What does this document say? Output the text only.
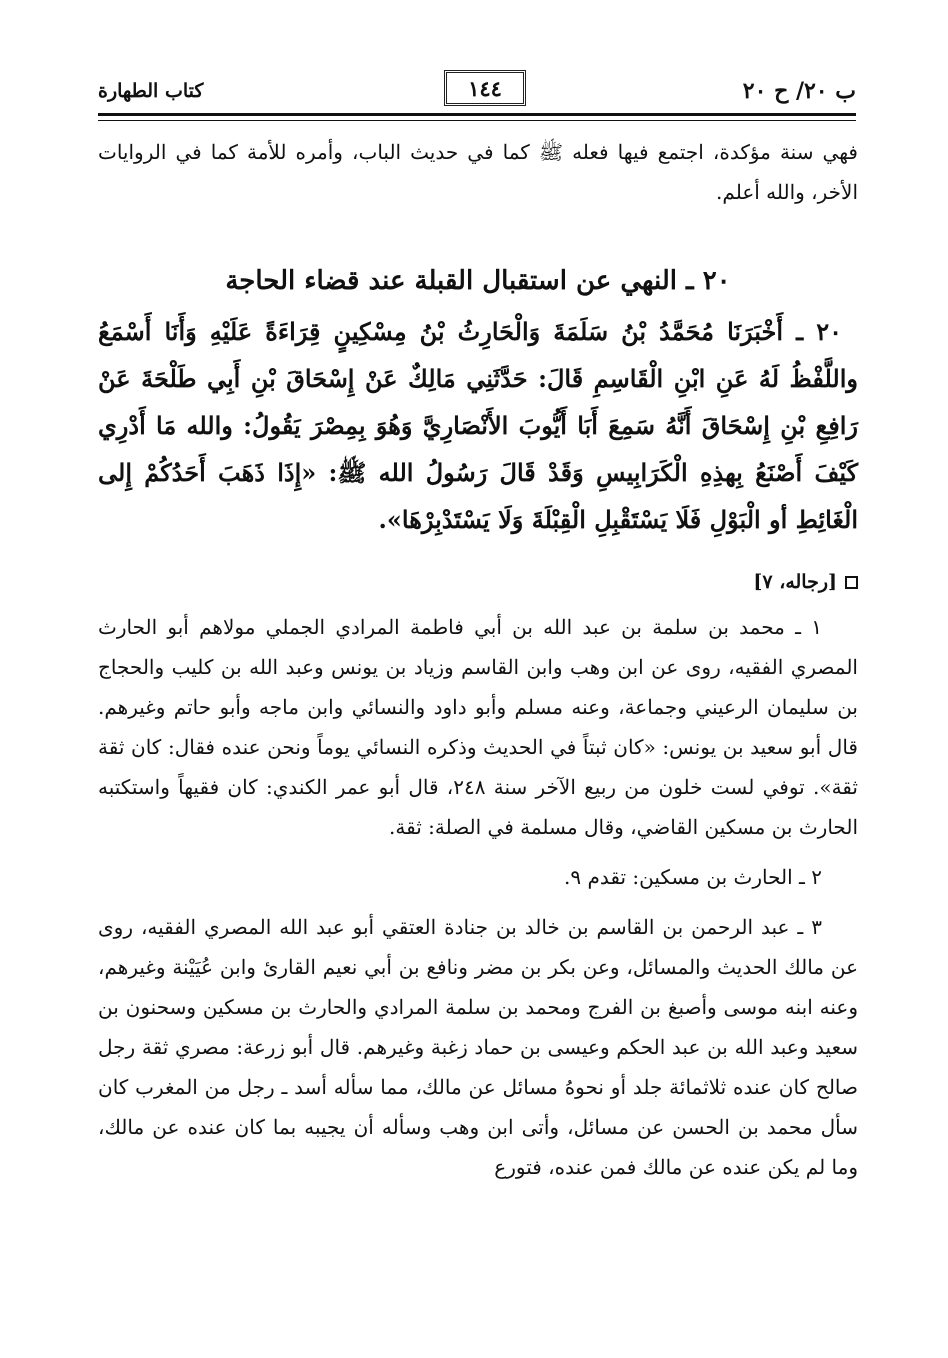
ب ٢٠/ ح ٢٠
١٤٤
كتاب الطهارة

فهي سنة مؤكدة، اجتمع فيها فعله ﷺ كما في حديث الباب، وأمره للأمة كما في الروايات الأخر، والله أعلم.

٢٠ ـ النهي عن استقبال القبلة عند قضاء الحاجة

٢٠ ـ أَخْبَرَنَا مُحَمَّدُ بْنُ سَلَمَةَ وَالْحَارِثُ بْنُ مِسْكِينٍ قِرَاءَةً عَلَيْهِ وَأَنَا أَسْمَعُ واللَّفْظُ لَهُ عَنِ ابْنِ الْقَاسِمِ قَالَ: حَدَّثَنِي مَالِكٌ عَنْ إِسْحَاقَ بْنِ أَبِي طَلْحَةَ عَنْ رَافِعِ بْنِ إِسْحَاقَ أَنَّهُ سَمِعَ أَبَا أَيُّوبَ الأَنْصَارِيَّ وَهُوَ بِمِصْرَ يَقُولُ: والله مَا أَدْرِي كَيْفَ أَصْنَعُ بِهذِهِ الْكَرَابِيسِ وَقَدْ قَالَ رَسُولُ الله ﷺ: «إِذَا ذَهَبَ أَحَدُكُمْ إِلى الْغَائِطِ أو الْبَوْلِ فَلَا يَسْتَقْبِلِ الْقِبْلَةَ وَلَا يَسْتَدْبِرْهَا».

[رجاله، ٧]

١ ـ محمد بن سلمة بن عبد الله بن أبي فاطمة المرادي الجملي مولاهم أبو الحارث المصري الفقيه، روى عن ابن وهب وابن القاسم وزياد بن يونس وعبد الله بن كليب والحجاج بن سليمان الرعيني وجماعة، وعنه مسلم وأبو داود والنسائي وابن ماجه وأبو حاتم وغيرهم. قال أبو سعيد بن يونس: «كان ثبتاً في الحديث وذكره النسائي يوماً ونحن عنده فقال: كان ثقة ثقة». توفي لست خلون من ربيع الآخر سنة ٢٤٨، قال أبو عمر الكندي: كان فقيهاً واستكتبه الحارث بن مسكين القاضي، وقال مسلمة في الصلة: ثقة.

٢ ـ الحارث بن مسكين: تقدم ٩.

٣ ـ عبد الرحمن بن القاسم بن خالد بن جنادة العتقي أبو عبد الله المصري الفقيه، روى عن مالك الحديث والمسائل، وعن بكر بن مضر ونافع بن أبي نعيم القارئ وابن عُيَيْنة وغيرهم، وعنه ابنه موسى وأصبغ بن الفرج ومحمد بن سلمة المرادي والحارث بن مسكين وسحنون بن سعيد وعبد الله بن عبد الحكم وعيسى بن حماد زغبة وغيرهم. قال أبو زرعة: مصري ثقة رجل صالح كان عنده ثلاثمائة جلد أو نحوهُ مسائل عن مالك، مما سأله أسد ـ رجل من المغرب كان سأل محمد بن الحسن عن مسائل، وأتى ابن وهب وسأله أن يجيبه بما كان عنده عن مالك، وما لم يكن عنده عن مالك فمن عنده، فتورع
